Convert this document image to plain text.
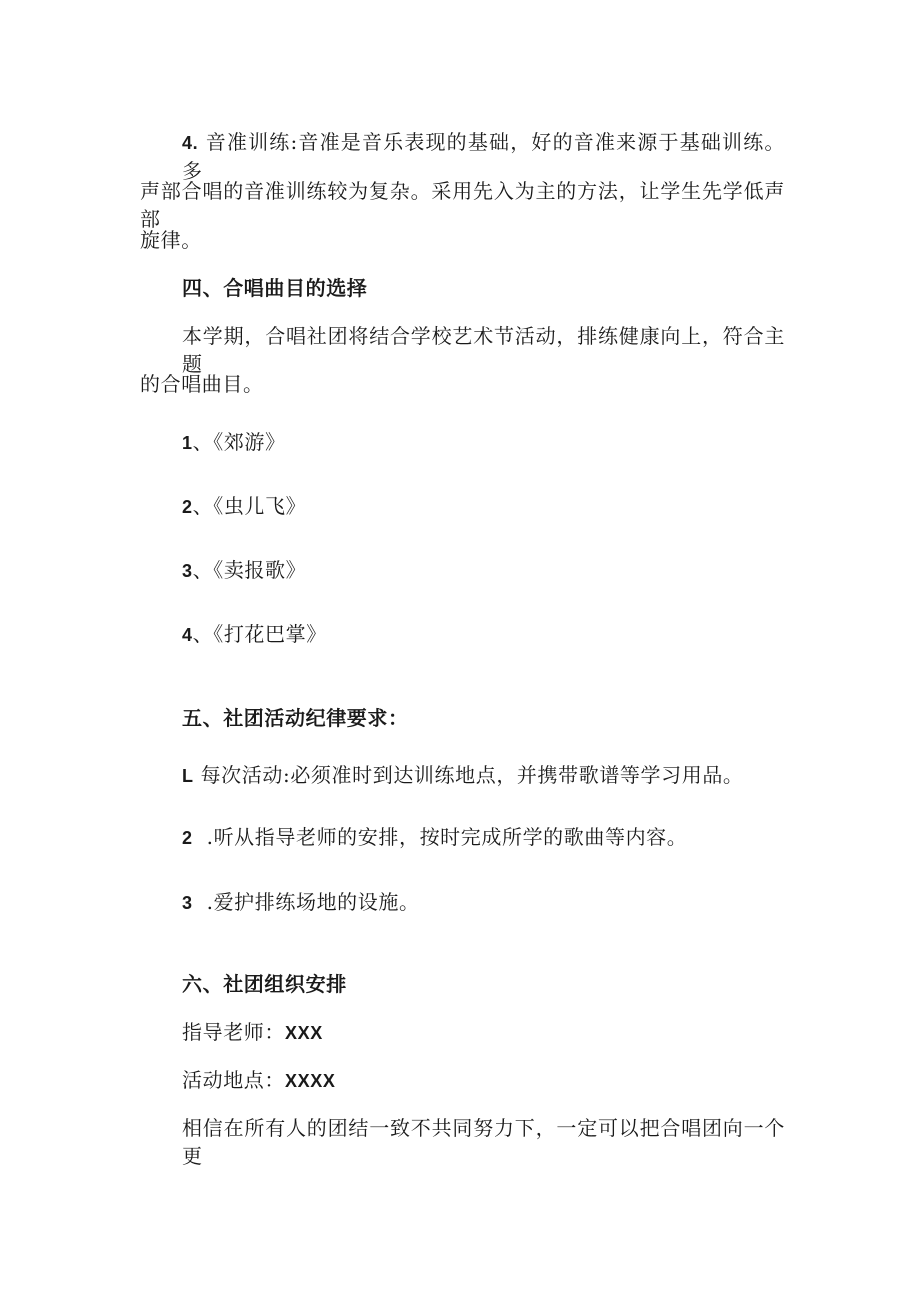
4. 音准训练:音准是音乐表现的基础，好的音准来源于基础训练。多
声部合唱的音准训练较为复杂。采用先入为主的方法，让学生先学低声部
旋律。
四、合唱曲目的选择
本学期，合唱社团将结合学校艺术节活动，排练健康向上，符合主题
的合唱曲目。
1、《郊游》
2、《虫儿飞》
3、《卖报歌》
4、《打花巴掌》
五、社团活动纪律要求：
L 每次活动:必须准时到达训练地点，并携带歌谱等学习用品。
2 .听从指导老师的安排，按时完成所学的歌曲等内容。
3 .爱护排练场地的设施。
六、社团组织安排
指导老师：XXX
活动地点：XXXX
相信在所有人的团结一致不共同努力下，一定可以把合唱团向一个更
